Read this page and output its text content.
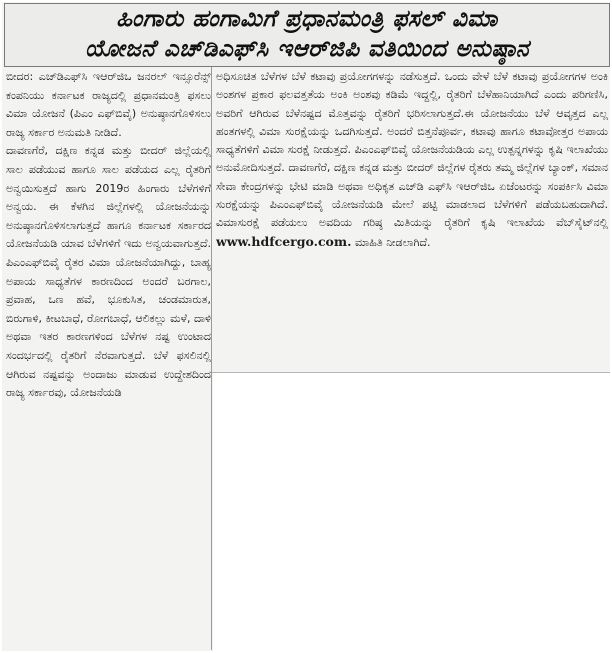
ಹಿಂಗಾರು ಹಂಗಾಮಿಗೆ ಪ್ರಧಾನಮಂತ್ರಿ ಫಸಲ್ ವಿಮಾ
ಯೋಜನೆ ಎಚ್‌ಡಿಎಫ್‌ಸಿ ಇಆರ್‌ಜಿಪಿ ವತಿಯಿಂದ ಅನುಷ್ಠಾನ

ಬೀದರ: ಎಚ್‌ಡಿಎಫ್‌ಸಿ ಇಆರ್‌ಜಿಒ ಜನರಲ್ ಇನ್ಸೂರೆನ್ಸ್ ಕಂಪನಿಯು ಕರ್ನಾಟಕ ರಾಜ್ಯದಲ್ಲಿ ಪ್ರಧಾನಮಂತ್ರಿ ಫಸಲು ವಿಮಾ ಯೋಜನೆ (ಪಿಎಂ ಎಫ್‌ಬಿವೈ) ಅನುಷ್ಠಾನಗೊಳಿಸಲು ರಾಜ್ಯ ಸರ್ಕಾರ ಅನುಮತಿ ನೀಡಿದೆ.

ದಾವಣಗೆರೆ, ದಕ್ಷಿಣ ಕನ್ನಡ ಮತ್ತು ಬೀದರ್ ಜಿಲ್ಲೆಯಲ್ಲಿ ಸಾಲ ಪಡೆಯುವ ಹಾಗೂ ಸಾಲ ಪಡೆಯದ ಎಲ್ಲ ರೈತರಿಗೆ ಅನ್ವಯಿಸುತ್ತದೆ ಹಾಗು 2019ರ ಹಿಂಗಾರು ಬೆಳೆಗಳಿಗೆ ಅನ್ವಯ. ಈ ಕೆಳಗಿನ ಜಿಲ್ಲೆಗಳಲ್ಲಿ ಯೋಜನೆಯನ್ನು ಅನುಷ್ಠಾನಗೊಳಿಸಲಾಗುತ್ತದೆ ಹಾಗೂ ಕರ್ನಾಟಕ ಸರ್ಕಾರದ ಯೋಜನೆಯಡಿ ಯಾವ ಬೆಳೆಗಳಿಗೆ ಇದು ಅನ್ವಯವಾಗುತ್ತದೆ. ಪಿಎಂಎಫ್‌ಬಿವೈ ರೈತರ ವಿಮಾ ಯೋಜನೆಯಾಗಿದ್ದು, ಬಾಹ್ಯ ಅಪಾಯ ಸಾಧ್ಯತೆಗಳ ಕಾರಣದಿಂದ ಅಂದರೆ ಬರಗಾಲ, ಪ್ರವಾಹ, ಒಣ ಹವೆ, ಭೂಕುಸಿತ, ಚಂಡಮಾರುತ, ಬಿರುಗಾಳಿ, ಕೀಟಬಾಧೆ, ರೋಗಬಾಧೆ, ಆಲಿಕಲ್ಲು ಮಳೆ, ದಾಳಿ ಅಥವಾ ಇತರ ಕಾರಣಗಳಿಂದ ಬೆಳೆಗಳ ನಷ್ಟ ಉಂಟಾದ ಸಂದರ್ಭದಲ್ಲಿ ರೈತರಿಗೆ ನೆರವಾಗುತ್ತದೆ. ಬೆಳೆ ಫಸಲಿನಲ್ಲಿ ಆಗಿರುವ ನಷ್ಟವನ್ನು ಅಂದಾಜು ಮಾಡುವ ಉದ್ದೇಶದಿಂದ ರಾಜ್ಯ ಸರ್ಕಾರವು, ಯೋಜನೆಯಡಿ

ಅಧಿಸೂಚಿತ ಬೆಳೆಗಳ ಬೆಳೆ ಕಟಾವು ಪ್ರಯೋಗಗಳನ್ನು ನಡೆಸುತ್ತದೆ. ಒಂದು ವೇಳೆ ಬೆಳೆ ಕಟಾವು ಪ್ರಯೋಗಗಳ ಅಂಕಿ ಅಂಶಗಳ ಪ್ರಕಾರ ಫಲವತ್ತತೆಯ ಅಂಕಿ ಅಂಶವು ಕಡಿಮೆ ಇದ್ದಲ್ಲಿ, ರೈತರಿಗೆ ಬೆಳೆಹಾನಿಯಾಗಿದೆ ಎಂದು ಪರಿಗಣಿಸಿ, ಅವರಿಗೆ ಆಗಿರುವ ಬೆಳೆನಷ್ಟದ ಮೊತ್ತವನ್ನು ರೈತರಿಗೆ ಭರಿಸಲಾಗುತ್ತದೆ.ಈ ಯೋಜನೆಯು ಬೆಳೆ ಆವೃತ್ತದ ಎಲ್ಲ ಹಂತಗಳಲ್ಲಿ ವಿಮಾ ಸುರಕ್ಷೆಯನ್ನು ಒದಗಿಸುತ್ತದೆ. ಅಂದರೆ ಬಿತ್ತನೆಪೂರ್ವ, ಕಟಾವು ಹಾಗೂ ಕಟಾವೋತ್ತರ ಅಪಾಯ ಸಾಧ್ಯತೆಗಳಿಗೆ ವಿಮಾ ಸುರಕ್ಷೆ ನೀಡುತ್ತದೆ. ಪಿಎಂಎಫ್‌ಬಿವೈ ಯೋಜನೆಯಡಿಯ ಎಲ್ಲ ಉತ್ಪನ್ನಗಳನ್ನು ಕೃಷಿ ಇಲಾಖೆಯು ಅನುಮೋದಿಸುತ್ತದೆ. ದಾವಣಗೆರೆ, ದಕ್ಷಿಣ ಕನ್ನಡ ಮತ್ತು ಬೀದರ್ ಜಿಲ್ಲೆಗಳ ರೈತರು ತಮ್ಮ ಜಿಲ್ಲೆಗಳ ಬ್ಯಾಂಕ್, ಸಮಾನ ಸೇವಾ ಕೇಂದ್ರಗಳನ್ನು ಭೇಟಿ ಮಾಡಿ ಅಥವಾ ಅಧಿಕೃತ ಎಚ್‌ಡಿ ಎಫ್‌ಸಿ ಇಆರ್‌ಜಿಒ ಏಜೆಂಟರನ್ನು ಸಂಪರ್ಕಿಸಿ ವಿಮಾ ಸುರಕ್ಷೆಯನ್ನು ಪಿಎಂಎಫ್‌ಬಿವೈ ಯೋಜನೆಯಡಿ ಮೇಲೆ ಪಟ್ಟಿ ಮಾಡಲಾದ ಬೆಳೆಗಳಿಗೆ ಪಡೆಯಬಹುದಾಗಿದೆ. ವಿಮಾಸುರಕ್ಷೆ ಪಡೆಯಲು ಅವದಿಯ ಗರಿಷ್ಠ ಮಿತಿಯನ್ನು ರೈತರಿಗೆ ಕೃಷಿ ಇಲಾಖೆಯ ವೆಬ್‌ಸೈಟ್‌ನಲ್ಲಿ www.hdfcergo.com. ಮಾಹಿತಿ ನೀಡಲಾಗಿದೆ.
